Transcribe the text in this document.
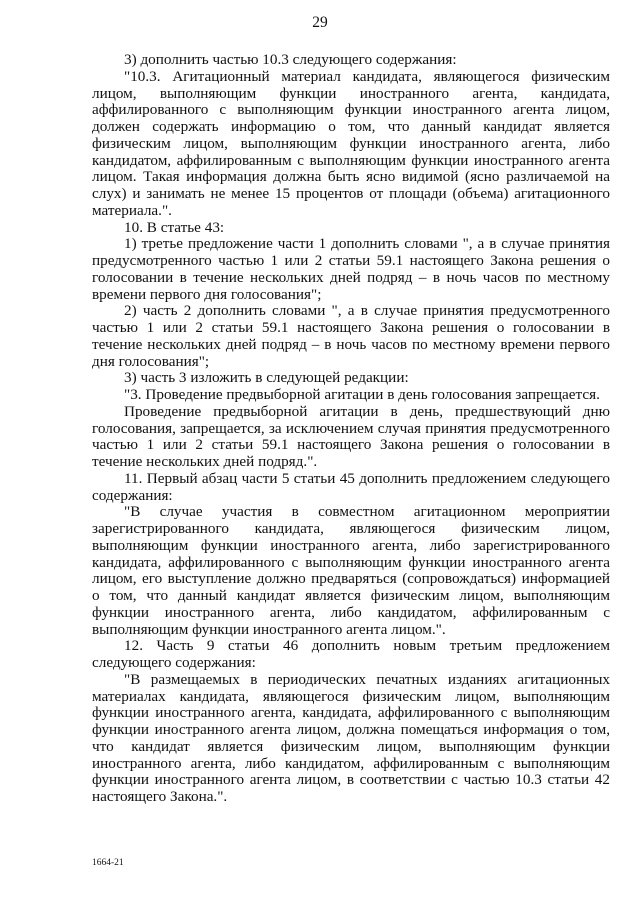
29

3) дополнить частью 10.3 следующего содержания:

"10.3. Агитационный материал кандидата, являющегося физическим лицом, выполняющим функции иностранного агента, кандидата, аффилированного с выполняющим функции иностранного агента лицом, должен содержать информацию о том, что данный кандидат является физическим лицом, выполняющим функции иностранного агента, либо кандидатом, аффилированным с выполняющим функции иностранного агента лицом. Такая информация должна быть ясно видимой (ясно различаемой на слух) и занимать не менее 15 процентов от площади (объема) агитационного материала.".

10. В статье 43:

1) третье предложение части 1 дополнить словами ", а в случае принятия предусмотренного частью 1 или 2 статьи 59.1 настоящего Закона решения о голосовании в течение нескольких дней подряд – в ночь часов по местному времени первого дня голосования";

2) часть 2 дополнить словами ", а в случае принятия предусмотренного частью 1 или 2 статьи 59.1 настоящего Закона решения о голосовании в течение нескольких дней подряд – в ночь часов по местному времени первого дня голосования";

3) часть 3 изложить в следующей редакции:

"3. Проведение предвыборной агитации в день голосования запрещается.

Проведение предвыборной агитации в день, предшествующий дню голосования, запрещается, за исключением случая принятия предусмотренного частью 1 или 2 статьи 59.1 настоящего Закона решения о голосовании в течение нескольких дней подряд.".

11. Первый абзац части 5 статьи 45 дополнить предложением следующего содержания:

"В случае участия в совместном агитационном мероприятии зарегистрированного кандидата, являющегося физическим лицом, выполняющим функции иностранного агента, либо зарегистрированного кандидата, аффилированного с выполняющим функции иностранного агента лицом, его выступление должно предваряться (сопровождаться) информацией о том, что данный кандидат является физическим лицом, выполняющим функции иностранного агента, либо кандидатом, аффилированным с выполняющим функции иностранного агента лицом.".

12. Часть 9 статьи 46 дополнить новым третьим предложением следующего содержания:

"В размещаемых в периодических печатных изданиях агитационных материалах кандидата, являющегося физическим лицом, выполняющим функции иностранного агента, кандидата, аффилированного с выполняющим функции иностранного агента лицом, должна помещаться информация о том, что кандидат является физическим лицом, выполняющим функции иностранного агента, либо кандидатом, аффилированным с выполняющим функции иностранного агента лицом, в соответствии с частью 10.3 статьи 42 настоящего Закона.".

1664-21
